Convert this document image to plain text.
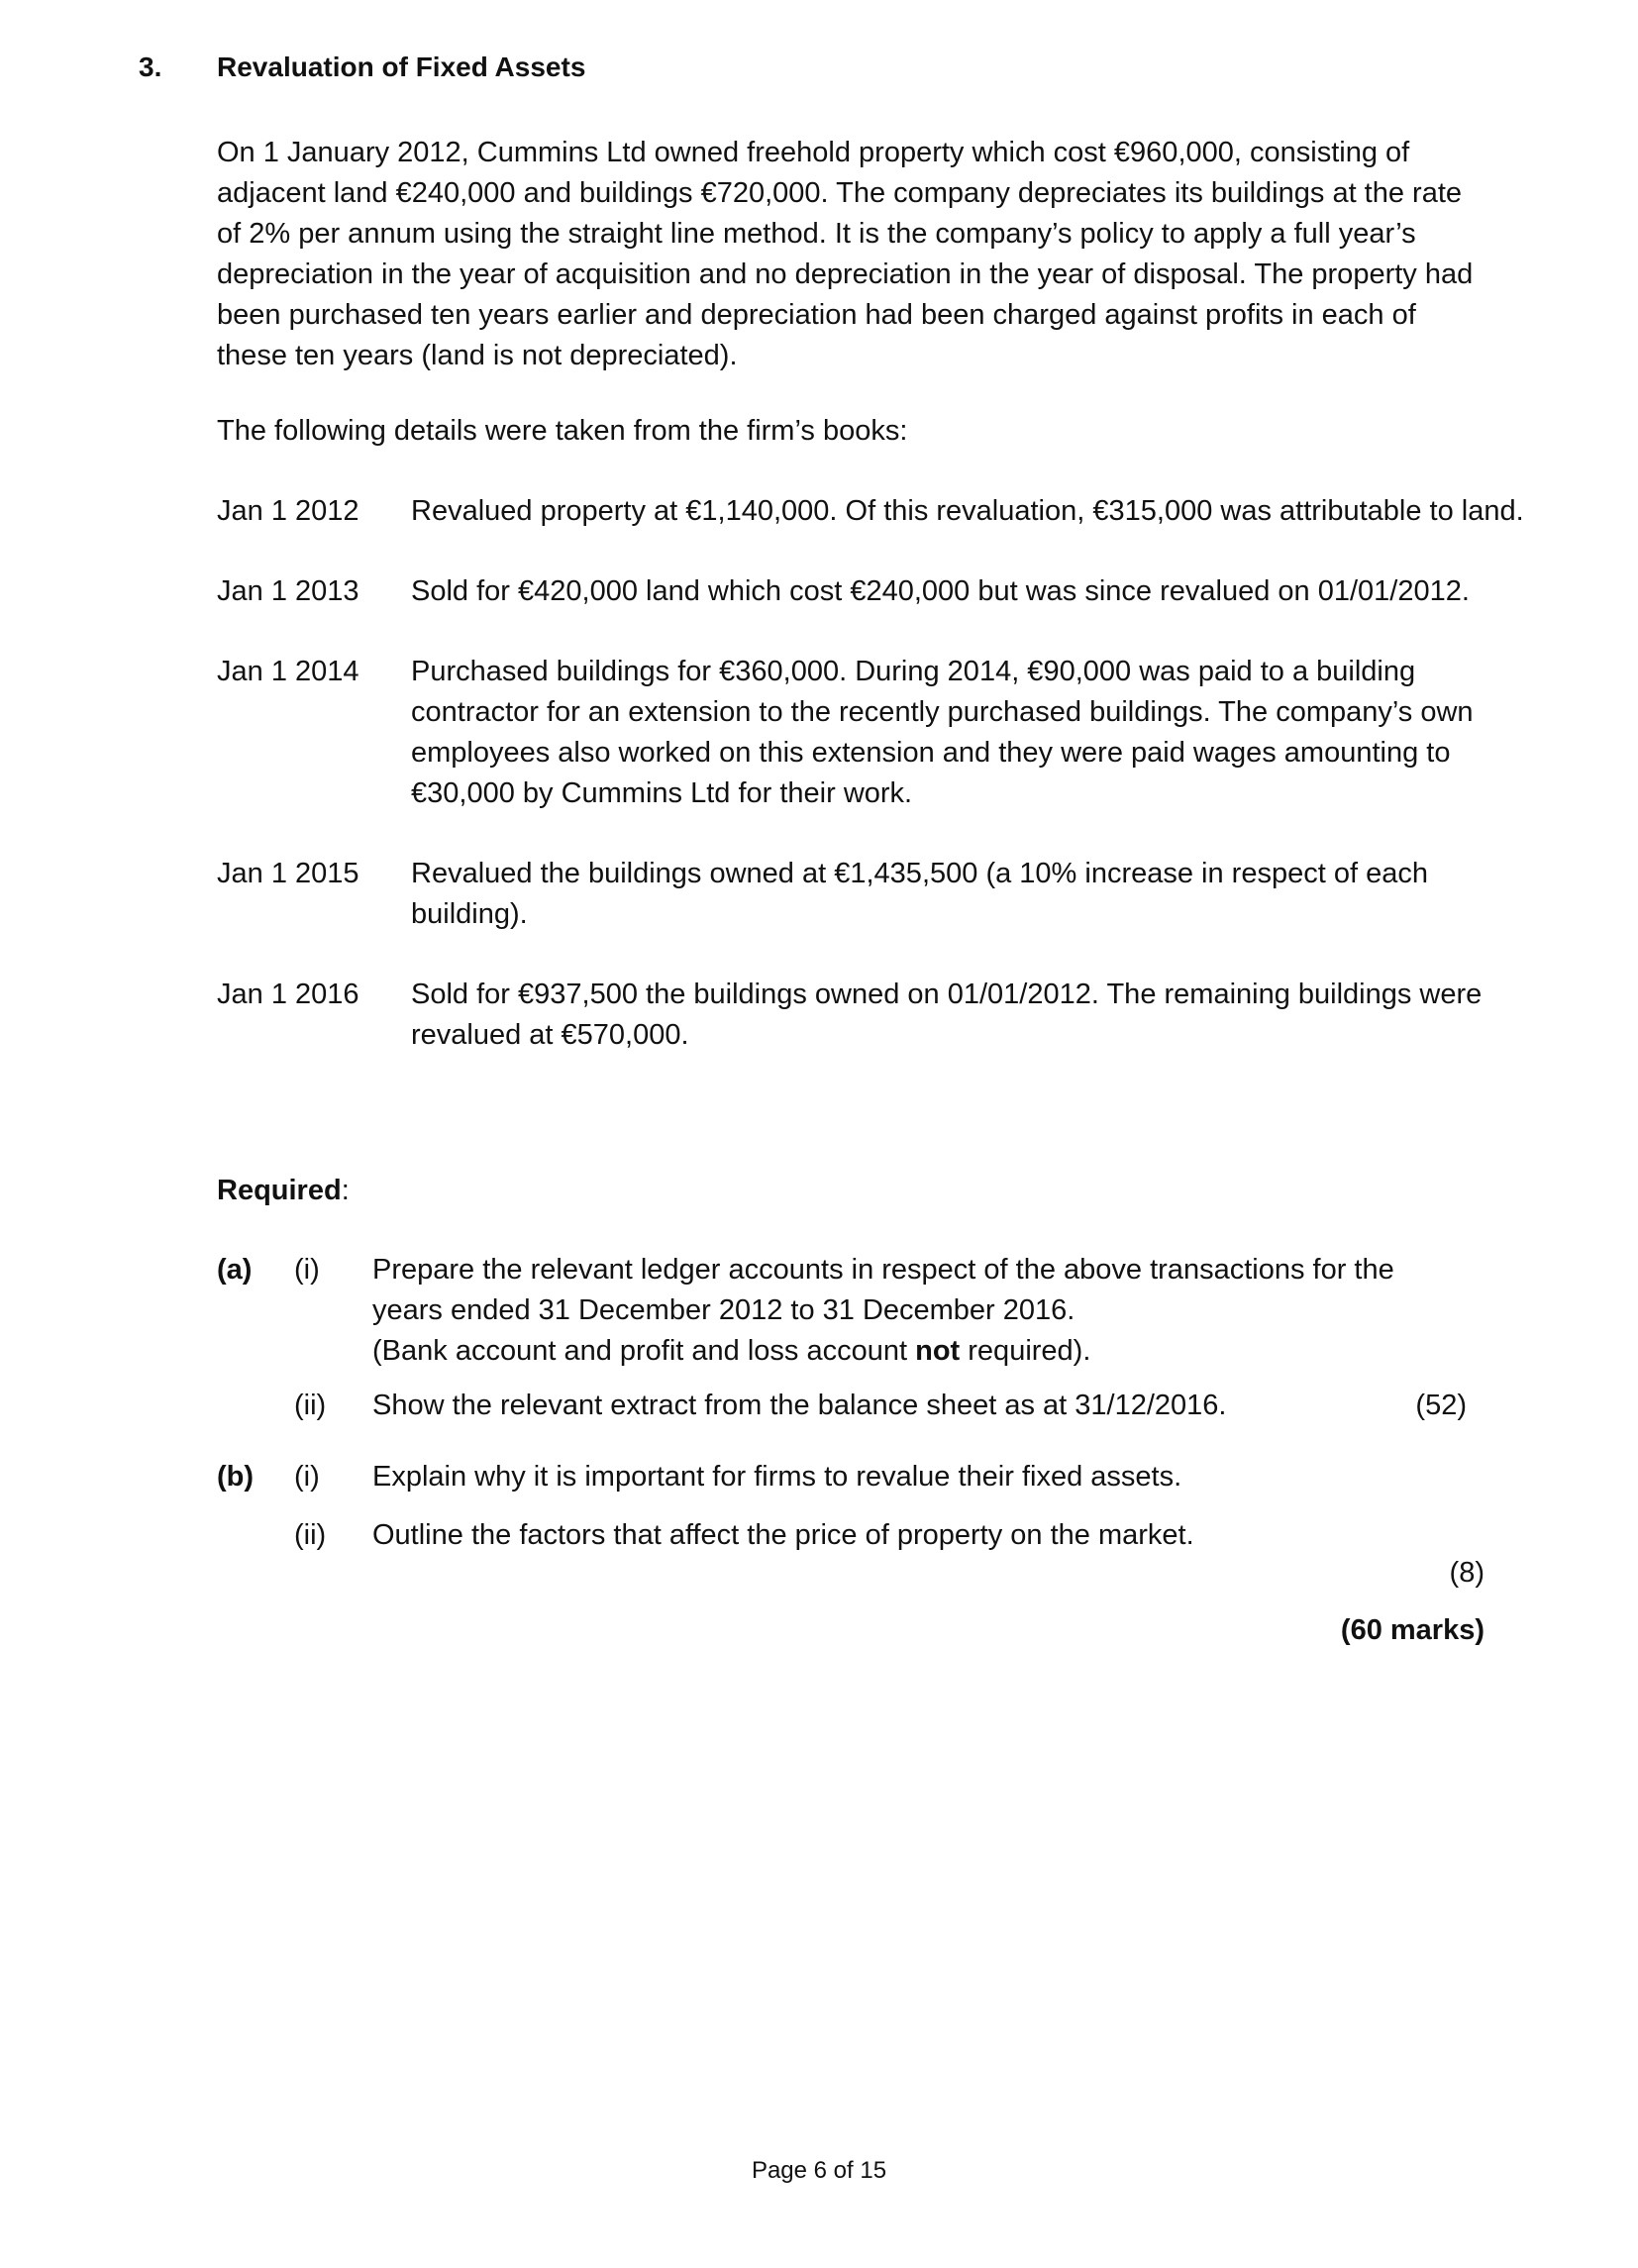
3.	Revaluation of Fixed Assets

On 1 January 2012, Cummins Ltd owned freehold property which cost €960,000, consisting of adjacent land €240,000 and buildings €720,000. The company depreciates its buildings at the rate of 2% per annum using the straight line method. It is the company’s policy to apply a full year’s depreciation in the year of acquisition and no depreciation in the year of disposal. The property had been purchased ten years earlier and depreciation had been charged against profits in each of these ten years (land is not depreciated).

The following details were taken from the firm’s books:

Jan 1 2012	Revalued property at €1,140,000. Of this revaluation, €315,000 was attributable to land.
Jan 1 2013	Sold for €420,000 land which cost €240,000 but was since revalued on 01/01/2012.
Jan 1 2014	Purchased buildings for €360,000. During 2014, €90,000 was paid to a building contractor for an extension to the recently purchased buildings. The company’s own employees also worked on this extension and they were paid wages amounting to €30,000 by Cummins Ltd for their work.
Jan 1 2015	Revalued the buildings owned at €1,435,500 (a 10% increase in respect of each building).
Jan 1 2016	Sold for €937,500 the buildings owned on 01/01/2012. The remaining buildings were revalued at €570,000.
Required:
(a)	(i)	Prepare the relevant ledger accounts in respect of the above transactions for the years ended 31 December 2012 to 31 December 2016.
(Bank account and profit and loss account not required).
(ii)	Show the relevant extract from the balance sheet as at 31/12/2016.	(52)
(b)	(i)	Explain why it is important for firms to revalue their fixed assets.
(ii)	Outline the factors that affect the price of property on the market.
(8)
(60 marks)
Page 6 of 15
